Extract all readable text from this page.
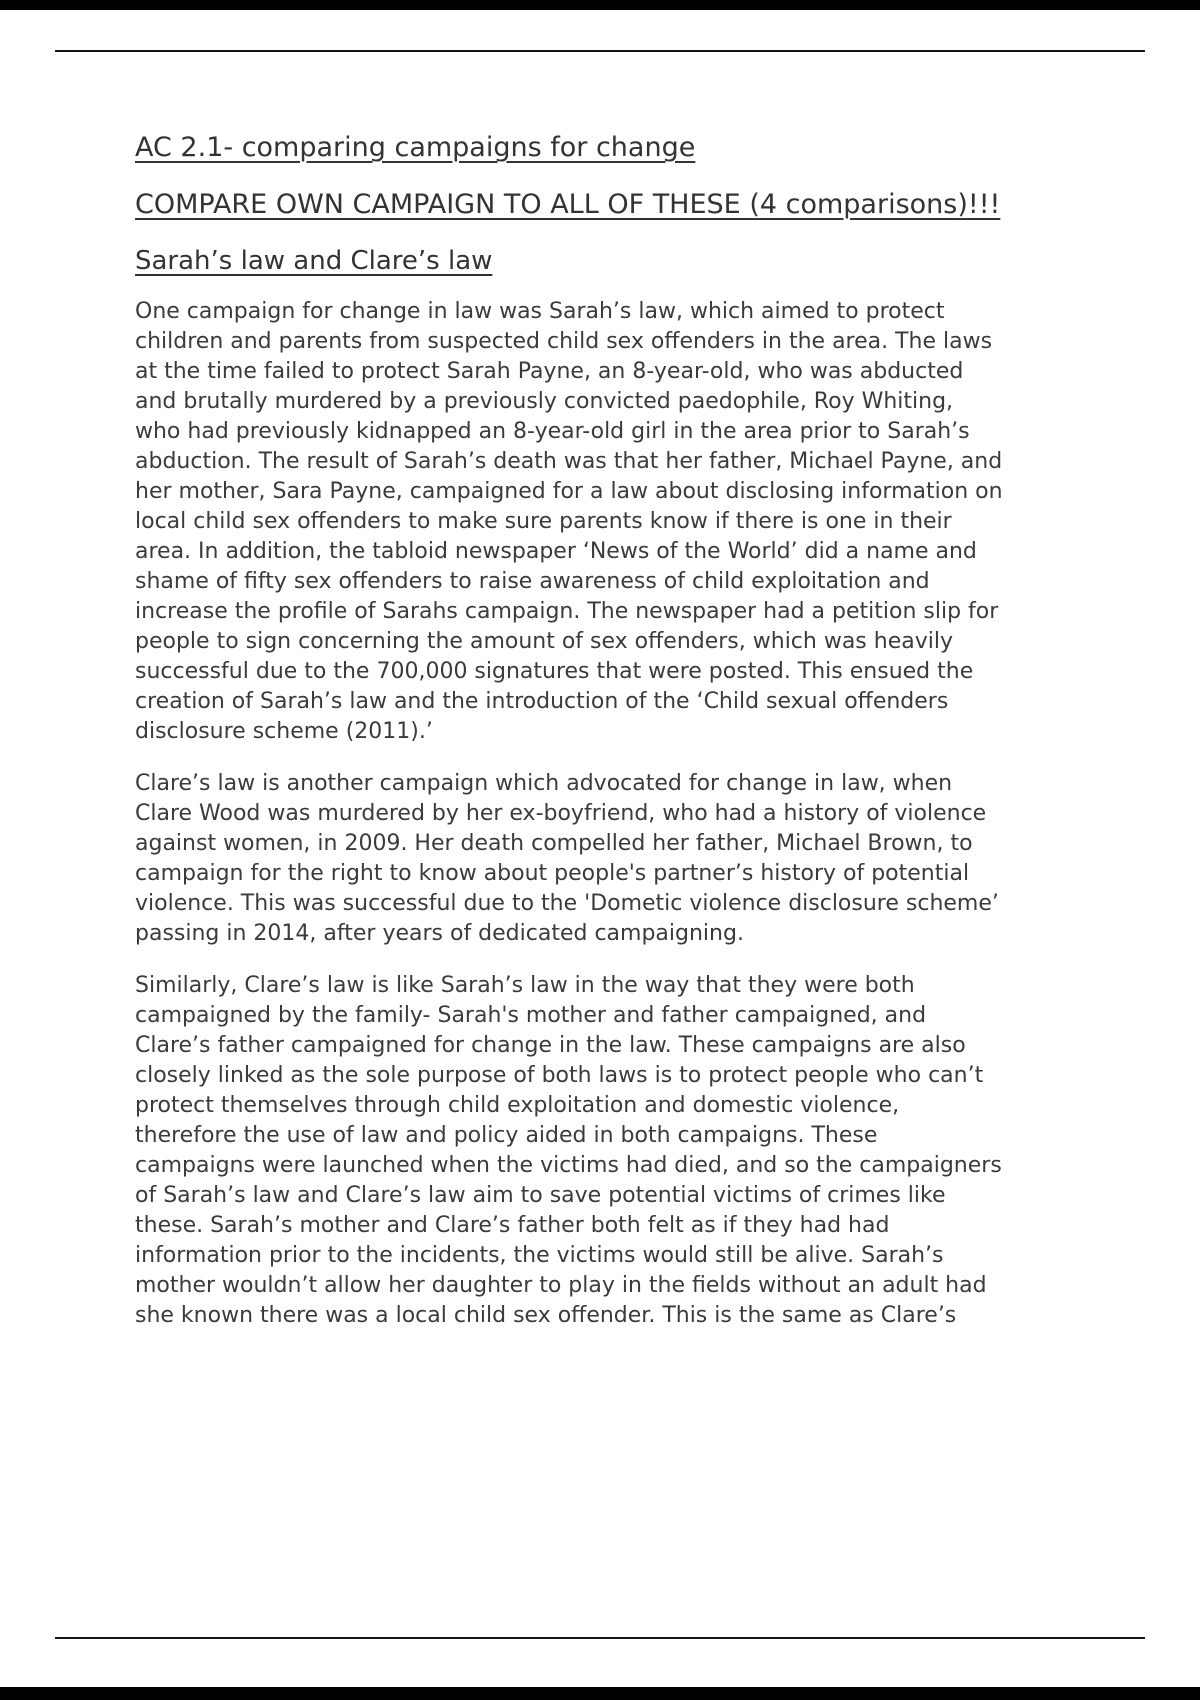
AC 2.1- comparing campaigns for change
COMPARE OWN CAMPAIGN TO ALL OF THESE (4 comparisons)!!!
Sarah’s law and Clare’s law

One campaign for change in law was Sarah’s law, which aimed to protect children and parents from suspected child sex offenders in the area. The laws at the time failed to protect Sarah Payne, an 8-year-old, who was abducted and brutally murdered by a previously convicted paedophile, Roy Whiting, who had previously kidnapped an 8-year-old girl in the area prior to Sarah’s abduction. The result of Sarah’s death was that her father, Michael Payne, and her mother, Sara Payne, campaigned for a law about disclosing information on local child sex offenders to make sure parents know if there is one in their area. In addition, the tabloid newspaper ‘News of the World’ did a name and shame of fifty sex offenders to raise awareness of child exploitation and increase the profile of Sarahs campaign. The newspaper had a petition slip for people to sign concerning the amount of sex offenders, which was heavily successful due to the 700,000 signatures that were posted. This ensued the creation of Sarah’s law and the introduction of the ‘Child sexual offenders disclosure scheme (2011).’

Clare’s law is another campaign which advocated for change in law, when Clare Wood was murdered by her ex-boyfriend, who had a history of violence against women, in 2009. Her death compelled her father, Michael Brown, to campaign for the right to know about people's partner’s history of potential violence. This was successful due to the 'Dometic violence disclosure scheme’ passing in 2014, after years of dedicated campaigning.

Similarly, Clare’s law is like Sarah’s law in the way that they were both campaigned by the family- Sarah's mother and father campaigned, and Clare’s father campaigned for change in the law. These campaigns are also closely linked as the sole purpose of both laws is to protect people who can’t protect themselves through child exploitation and domestic violence, therefore the use of law and policy aided in both campaigns. These campaigns were launched when the victims had died, and so the campaigners of Sarah’s law and Clare’s law aim to save potential victims of crimes like these. Sarah’s mother and Clare’s father both felt as if they had had information prior to the incidents, the victims would still be alive. Sarah’s mother wouldn’t allow her daughter to play in the fields without an adult had she known there was a local child sex offender. This is the same as Clare’s
